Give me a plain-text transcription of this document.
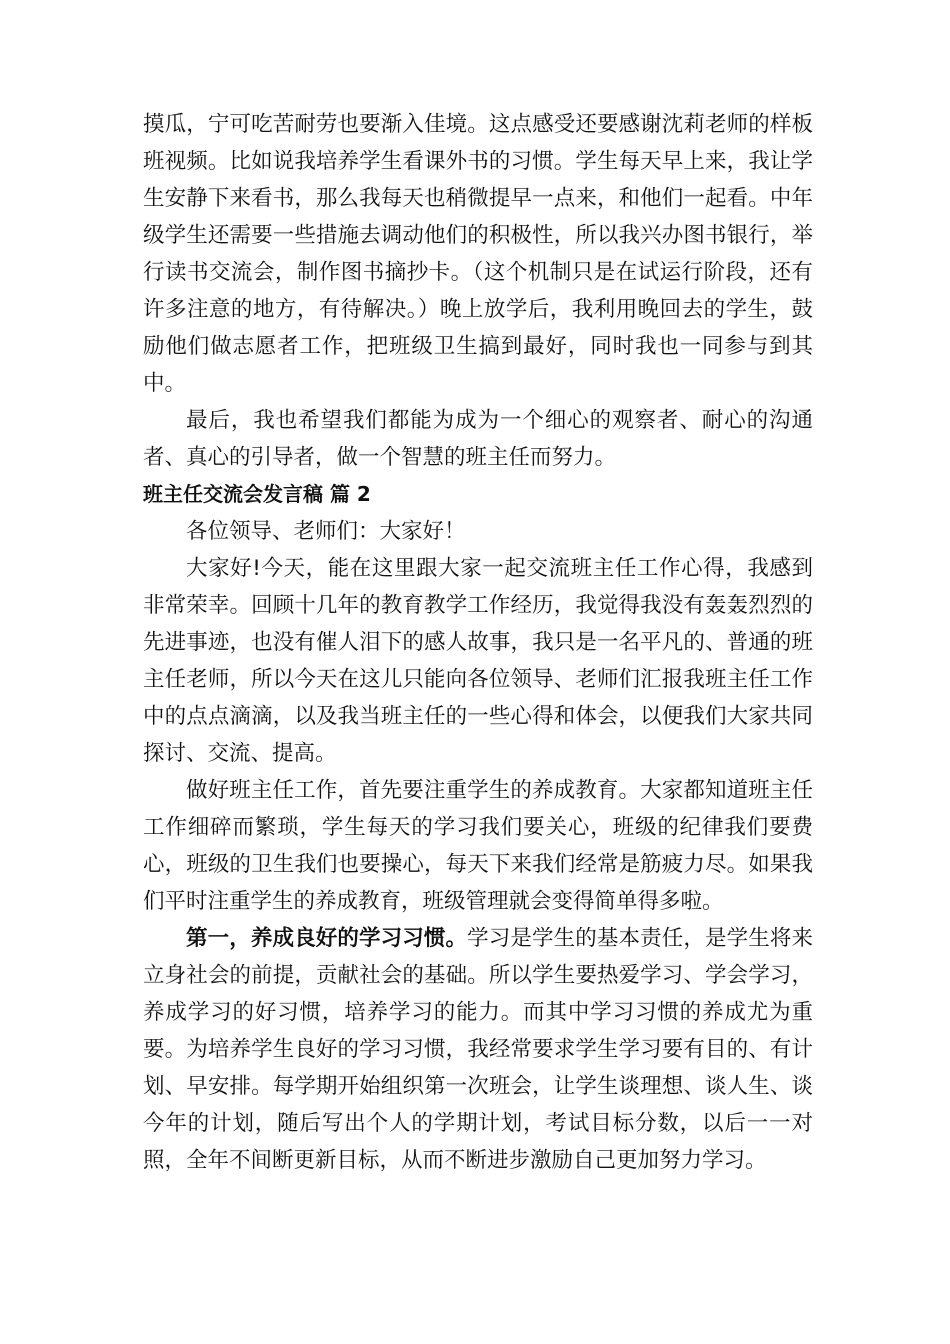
摸瓜，宁可吃苦耐劳也要渐入佳境。这点感受还要感谢沈莉老师的样板班视频。比如说我培养学生看课外书的习惯。学生每天早上来，我让学生安静下来看书，那么我每天也稍微提早一点来，和他们一起看。中年级学生还需要一些措施去调动他们的积极性，所以我兴办图书银行，举行读书交流会，制作图书摘抄卡。（这个机制只是在试运行阶段，还有许多注意的地方，有待解决。）晚上放学后，我利用晚回去的学生，鼓励他们做志愿者工作，把班级卫生搞到最好，同时我也一同参与到其中。

最后，我也希望我们都能为成为一个细心的观察者、耐心的沟通者、真心的引导者，做一个智慧的班主任而努力。

班主任交流会发言稿 篇 2

各位领导、老师们：大家好！

大家好!今天，能在这里跟大家一起交流班主任工作心得，我感到非常荣幸。回顾十几年的教育教学工作经历，我觉得我没有轰轰烈烈的先进事迹，也没有催人泪下的感人故事，我只是一名平凡的、普通的班主任老师，所以今天在这儿只能向各位领导、老师们汇报我班主任工作中的点点滴滴，以及我当班主任的一些心得和体会，以便我们大家共同探讨、交流、提高。

做好班主任工作，首先要注重学生的养成教育。大家都知道班主任工作细碎而繁琐，学生每天的学习我们要关心，班级的纪律我们要费心，班级的卫生我们也要操心，每天下来我们经常是筋疲力尽。如果我们平时注重学生的养成教育，班级管理就会变得简单得多啦。

第一，养成良好的学习习惯。学习是学生的基本责任，是学生将来立身社会的前提，贡献社会的基础。所以学生要热爱学习、学会学习，养成学习的好习惯，培养学习的能力。而其中学习习惯的养成尤为重要。为培养学生良好的学习习惯，我经常要求学生学习要有目的、有计划、早安排。每学期开始组织第一次班会，让学生谈理想、谈人生、谈今年的计划，随后写出个人的学期计划，考试目标分数，以后一一对照，全年不间断更新目标，从而不断进步激励自己更加努力学习。
